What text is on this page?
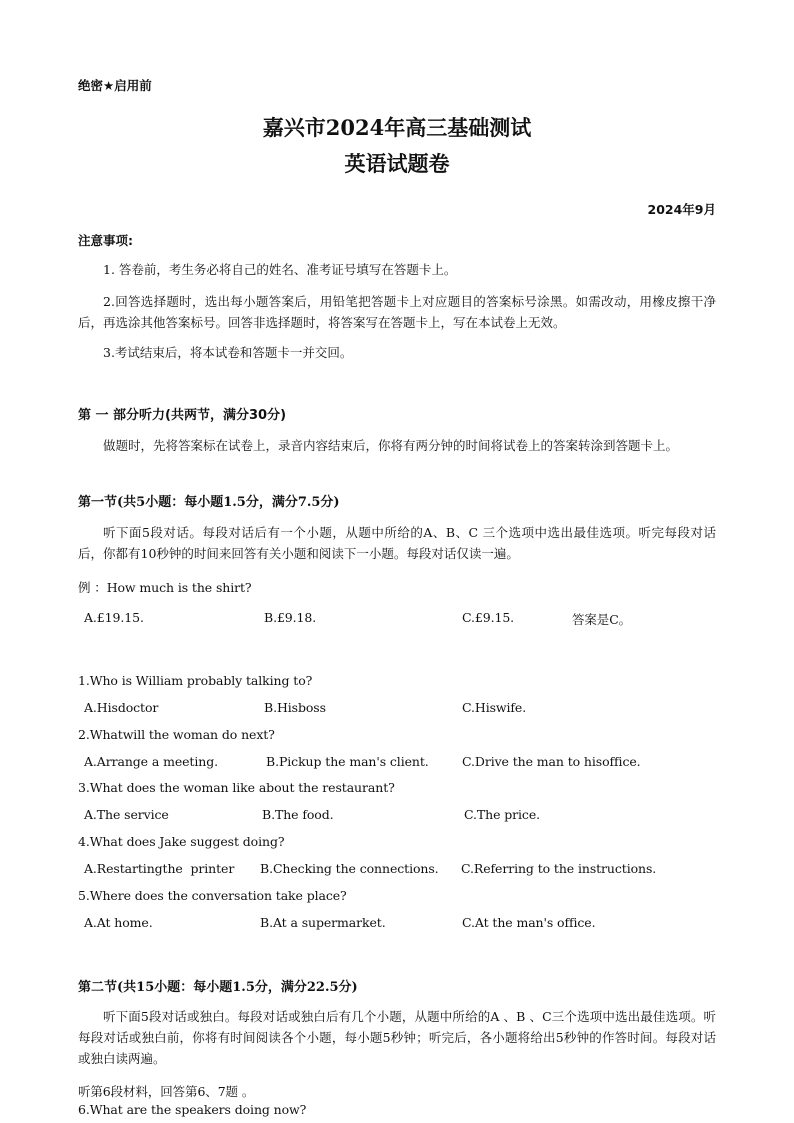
绝密★启用前
嘉兴市2024年高三基础测试
英语试题卷
2024年9月
注意事项:
1. 答卷前，考生务必将自己的姓名、准考证号填写在答题卡上。
2.回答选择题时，选出每小题答案后，用铅笔把答题卡上对应题目的答案标号涂黑。如需改动，用橡皮擦干净后，再选涂其他答案标号。回答非选择题时，将答案写在答题卡上，写在本试卷上无效。
3.考试结束后，将本试卷和答题卡一并交回。
第 一 部分听力(共两节，满分30分)
做题时，先将答案标在试卷上，录音内容结束后，你将有两分钟的时间将试卷上的答案转涂到答题卡上。
第一节(共5小题：每小题1.5分，满分7.5分)
听下面5段对话。每段对话后有一个小题，从题中所给的A、B、C 三个选项中选出最佳选项。听完每段对话后，你都有10秒钟的时间来回答有关小题和阅读下一小题。每段对话仅读一遍。
例 ：How much is the shirt?
A.£19.15.	B.£9.18.	C.£9.15.	答案是C。
1.Who is William probably talking to?
A.Hisdoctor	B.Hisboss	C.Hiswife.
2.Whatwill the woman do next?
A.Arrange a meeting.	B.Pickup the man's client.	C.Drive the man to hisoffice.
3.What does the woman like about the restaurant?
A.The service	B.The food.	C.The price.
4.What does Jake suggest doing?
A.Restartingthe  printer B.Checking the connections. C.Referring to the instructions.
5.Where does the conversation take place?
A.At home.	B.At a supermarket.	C.At the man's office.
第二节(共15小题：每小题1.5分，满分22.5分)
听下面5段对话或独白。每段对话或独白后有几个小题，从题中所给的A 、B 、C三个选项中选出最佳选项。听每段对话或独白前，你将有时间阅读各个小题，每小题5秒钟；听完后，各小题将给出5秒钟的作答时间。每段对话或独白读两遍。
听第6段材料，回答第6、7题 。
6.What are the speakers doing now?
